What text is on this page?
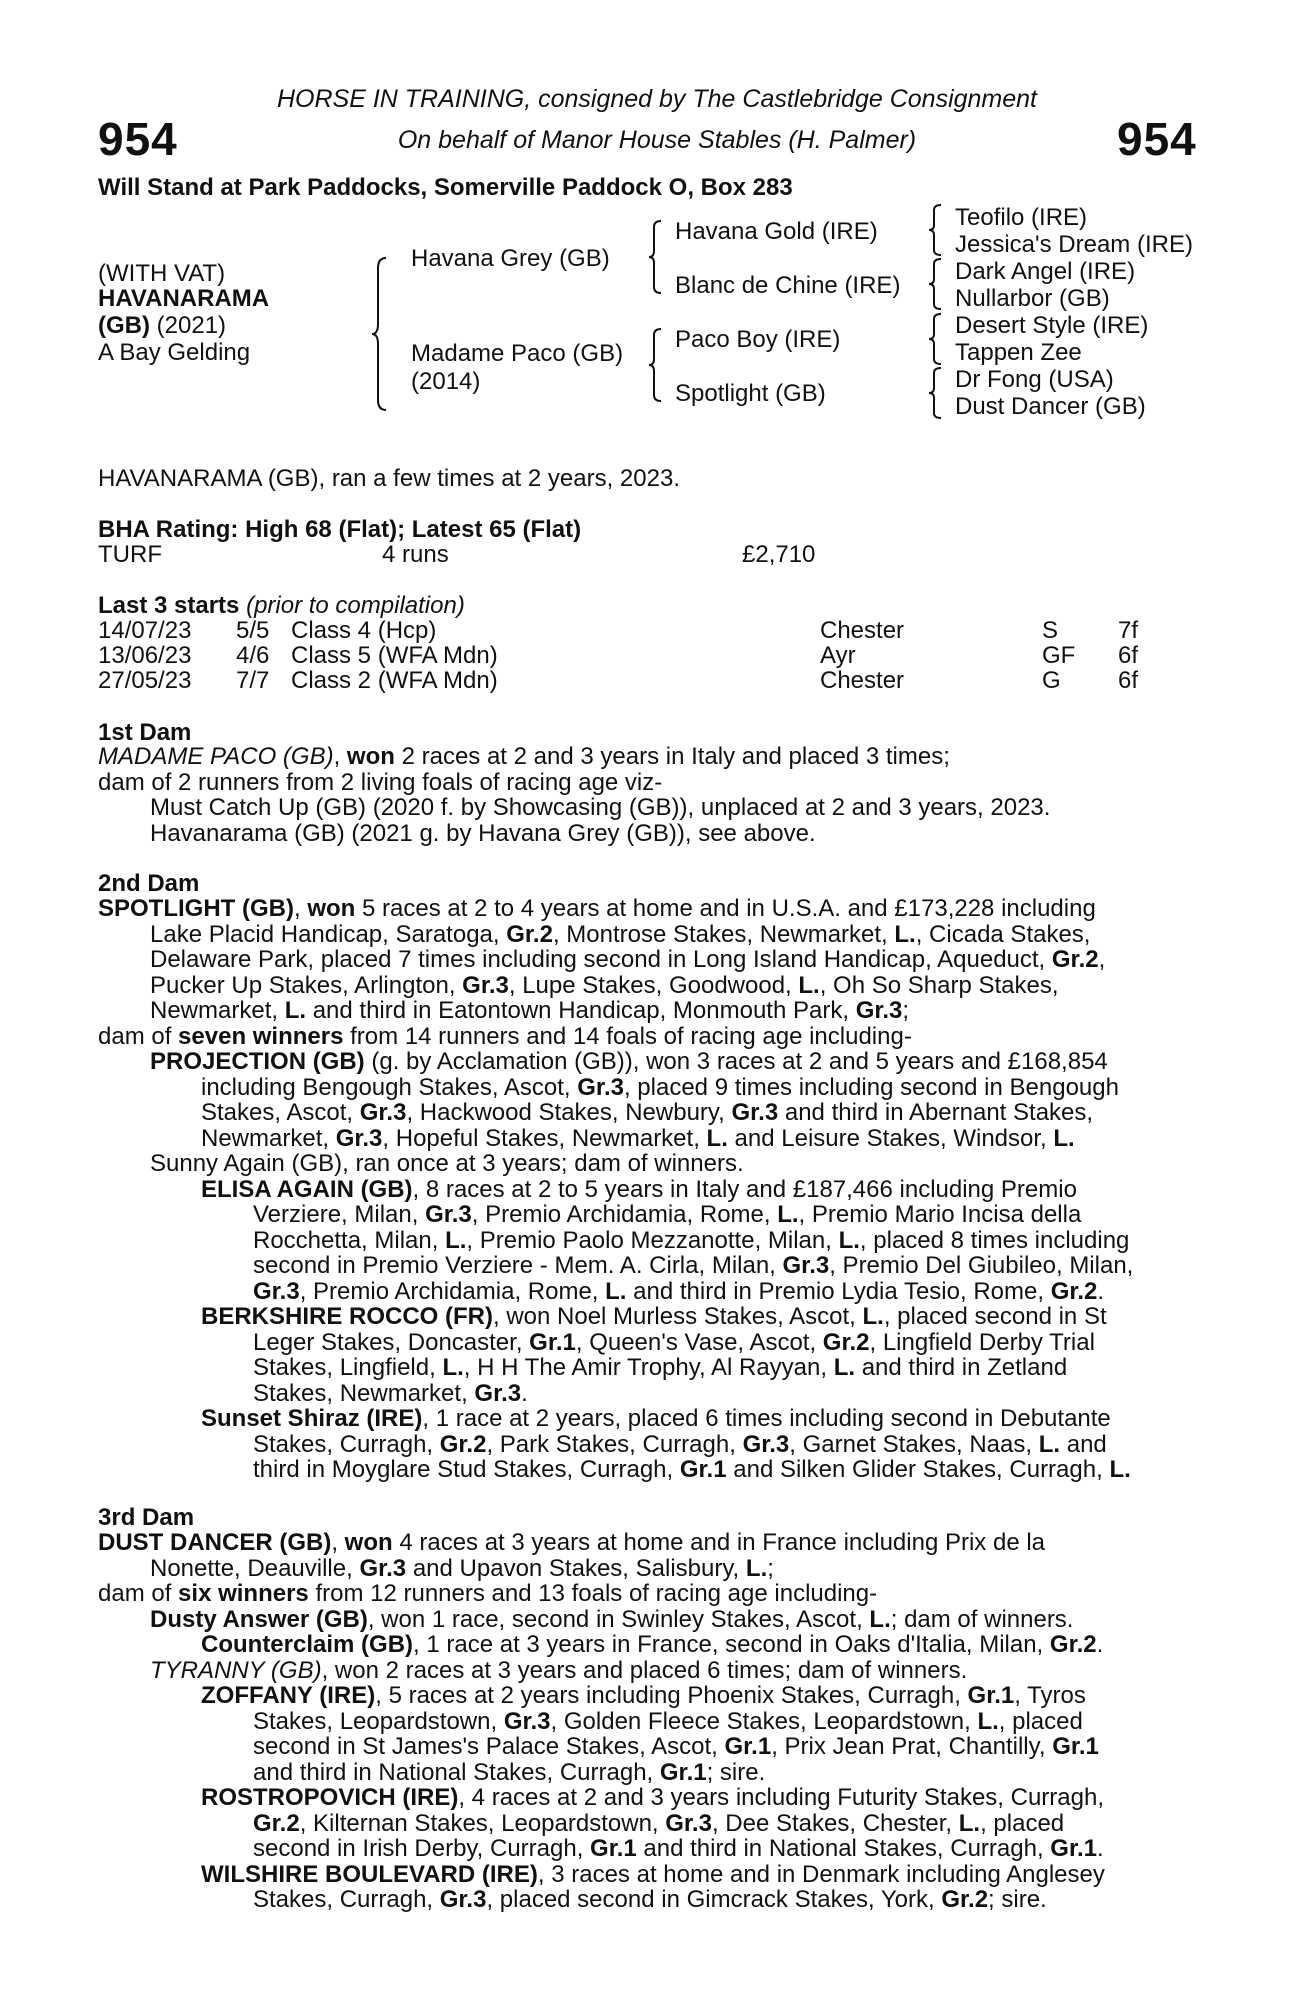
954	954
HORSE IN TRAINING, consigned by The Castlebridge Consignment
On behalf of Manor House Stables (H. Palmer)
Will Stand at Park Paddocks, Somerville Paddock O, Box 283
(WITH VAT)
HAVANARAMA
(GB) (2021)
A Bay Gelding
Havana Grey (GB)
Madame Paco (GB)
(2014)
Havana Gold (IRE)
Blanc de Chine (IRE)
Paco Boy (IRE)
Spotlight (GB)
Teofilo (IRE)
Jessica's Dream (IRE)
Dark Angel (IRE)
Nullarbor (GB)
Desert Style (IRE)
Tappen Zee
Dr Fong (USA)
Dust Dancer (GB)
HAVANARAMA (GB), ran a few times at 2 years, 2023.
BHA Rating: High 68 (Flat); Latest 65 (Flat)
TURF	4 runs	£2,710
Last 3 starts (prior to compilation)
14/07/23 5/5 Class 4 (Hcp)	Chester	S 7f
13/06/23 4/6 Class 5 (WFA Mdn)	Ayr	GF 6f
27/05/23 7/7 Class 2 (WFA Mdn)	Chester	G 6f
1st Dam

MADAME PACO (GB), won 2 races at 2 and 3 years in Italy and placed 3 times;

dam of 2 runners from 2 living foals of racing age viz-

Must Catch Up (GB) (2020 f. by Showcasing (GB)), unplaced at 2 and 3 years, 2023.

Havanarama (GB) (2021 g. by Havana Grey (GB)), see above.

2nd Dam

SPOTLIGHT (GB), won 5 races at 2 to 4 years at home and in U.S.A. and £173,228 including

Lake Placid Handicap, Saratoga, Gr.2, Montrose Stakes, Newmarket, L., Cicada Stakes,

Delaware Park, placed 7 times including second in Long Island Handicap, Aqueduct, Gr.2,

Pucker Up Stakes, Arlington, Gr.3, Lupe Stakes, Goodwood, L., Oh So Sharp Stakes,

Newmarket, L. and third in Eatontown Handicap, Monmouth Park, Gr.3;

dam of seven winners from 14 runners and 14 foals of racing age including-

PROJECTION (GB) (g. by Acclamation (GB)), won 3 races at 2 and 5 years and £168,854

including Bengough Stakes, Ascot, Gr.3, placed 9 times including second in Bengough

Stakes, Ascot, Gr.3, Hackwood Stakes, Newbury, Gr.3 and third in Abernant Stakes,

Newmarket, Gr.3, Hopeful Stakes, Newmarket, L. and Leisure Stakes, Windsor, L.

Sunny Again (GB), ran once at 3 years; dam of winners.

ELISA AGAIN (GB), 8 races at 2 to 5 years in Italy and £187,466 including Premio

Verziere, Milan, Gr.3, Premio Archidamia, Rome, L., Premio Mario Incisa della

Rocchetta, Milan, L., Premio Paolo Mezzanotte, Milan, L., placed 8 times including

second in Premio Verziere - Mem. A. Cirla, Milan, Gr.3, Premio Del Giubileo, Milan,

Gr.3, Premio Archidamia, Rome, L. and third in Premio Lydia Tesio, Rome, Gr.2.

BERKSHIRE ROCCO (FR), won Noel Murless Stakes, Ascot, L., placed second in St

Leger Stakes, Doncaster, Gr.1, Queen's Vase, Ascot, Gr.2, Lingfield Derby Trial

Stakes, Lingfield, L., H H The Amir Trophy, Al Rayyan, L. and third in Zetland

Stakes, Newmarket, Gr.3.

Sunset Shiraz (IRE), 1 race at 2 years, placed 6 times including second in Debutante

Stakes, Curragh, Gr.2, Park Stakes, Curragh, Gr.3, Garnet Stakes, Naas, L. and

third in Moyglare Stud Stakes, Curragh, Gr.1 and Silken Glider Stakes, Curragh, L.

3rd Dam

DUST DANCER (GB), won 4 races at 3 years at home and in France including Prix de la

Nonette, Deauville, Gr.3 and Upavon Stakes, Salisbury, L.;

dam of six winners from 12 runners and 13 foals of racing age including-

Dusty Answer (GB), won 1 race, second in Swinley Stakes, Ascot, L.; dam of winners.

Counterclaim (GB), 1 race at 3 years in France, second in Oaks d'Italia, Milan, Gr.2.

TYRANNY (GB), won 2 races at 3 years and placed 6 times; dam of winners.

ZOFFANY (IRE), 5 races at 2 years including Phoenix Stakes, Curragh, Gr.1, Tyros

Stakes, Leopardstown, Gr.3, Golden Fleece Stakes, Leopardstown, L., placed

second in St James's Palace Stakes, Ascot, Gr.1, Prix Jean Prat, Chantilly, Gr.1

and third in National Stakes, Curragh, Gr.1; sire.

ROSTROPOVICH (IRE), 4 races at 2 and 3 years including Futurity Stakes, Curragh,

Gr.2, Kilternan Stakes, Leopardstown, Gr.3, Dee Stakes, Chester, L., placed

second in Irish Derby, Curragh, Gr.1 and third in National Stakes, Curragh, Gr.1.

WILSHIRE BOULEVARD (IRE), 3 races at home and in Denmark including Anglesey

Stakes, Curragh, Gr.3, placed second in Gimcrack Stakes, York, Gr.2; sire.
